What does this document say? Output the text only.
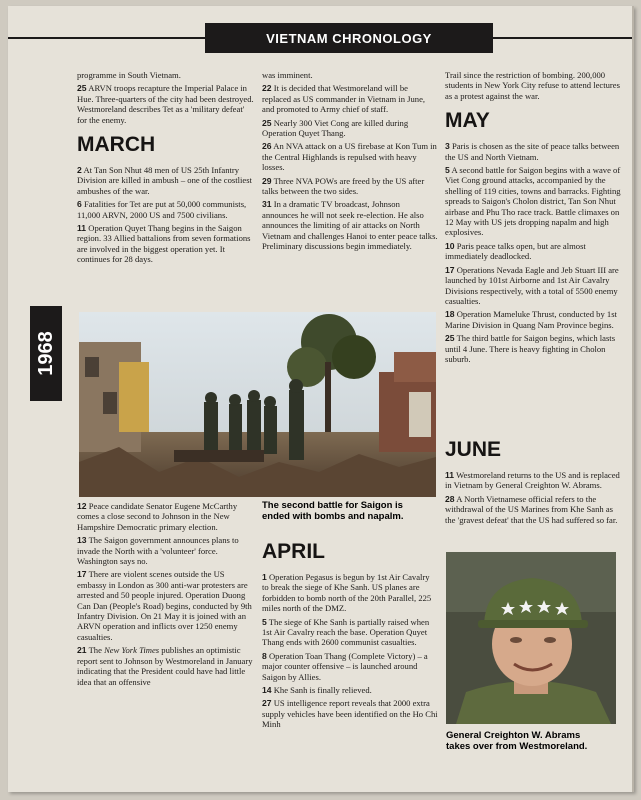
VIETNAM CHRONOLOGY
1968

programme in South Vietnam.

25 ARVN troops recapture the Imperial Palace in Hue. Three-quarters of the city had been destroyed. Westmoreland describes Tet as a 'military defeat' for the enemy.

MARCH

2 At Tan Son Nhut 48 men of US 25th Infantry Division are killed in ambush – one of the costliest ambushes of the war.

6 Fatalities for Tet are put at 50,000 communists, 11,000 ARVN, 2000 US and 7500 civilians.

11 Operation Quyet Thang begins in the Saigon region. 33 Allied battalions from seven formations are involved in the biggest operation yet. It continues for 28 days.

was imminent.

22 It is decided that Westmoreland will be replaced as US commander in Vietnam in June, and promoted to Army chief of staff.

25 Nearly 300 Viet Cong are killed during Operation Quyet Thang.

26 An NVA attack on a US firebase at Kon Tum in the Central Highlands is repulsed with heavy losses.

29 Three NVA POWs are freed by the US after talks between the two sides.

31 In a dramatic TV broadcast, Johnson announces he will not seek re-election. He also announces the limiting of air attacks on North Vietnam and challenges Hanoi to enter peace talks. Preliminary discussions begin immediately.

Trail since the restriction of bombing. 200,000 students in New York City refuse to attend lectures as a protest against the war.

MAY

3 Paris is chosen as the site of peace talks between the US and North Vietnam.

5 A second battle for Saigon begins with a wave of Viet Cong ground attacks, accompanied by the shelling of 119 cities, towns and barracks. Fighting spreads to Saigon's Cholon district, Tan Son Nhut airbase and Phu Tho race track. Battle climaxes on 12 May with US jets dropping napalm and high explosives.

10 Paris peace talks open, but are almost immediately deadlocked.

17 Operations Nevada Eagle and Jeb Stuart III are launched by 101st Airborne and 1st Air Cavalry Divisions respectively, with a total of 5500 enemy casualties.

18 Operation Mameluke Thrust, conducted by 1st Marine Division in Quang Nam Province begins.

25 The third battle for Saigon begins, which lasts until 4 June. There is heavy fighting in Cholon suburb.

The second battle for Saigon is
ended with bombs and napalm.

12 Peace candidate Senator Eugene McCarthy comes a close second to Johnson in the New Hampshire Democratic primary election.

13 The Saigon government announces plans to invade the North with a 'volunteer' force. Washington says no.

17 There are violent scenes outside the US embassy in London as 300 anti-war protesters are arrested and 50 people injured. Operation Duong Can Dan (People's Road) begins, conducted by 9th Infantry Division. On 21 May it is joined with an ARVN operation and inflicts over 1250 enemy casualties.

21 The New York Times publishes an optimistic report sent to Johnson by Westmoreland in January indicating that the President could have had little idea that an offensive

APRIL

1 Operation Pegasus is begun by 1st Air Cavalry to break the siege of Khe Sanh. US planes are forbidden to bomb north of the 20th Parallel, 225 miles north of the DMZ.

5 The siege of Khe Sanh is partially raised when 1st Air Cavalry reach the base. Operation Quyet Thang ends with 2600 communist casualties.

8 Operation Toan Thang (Complete Victory) – a major counter offensive – is launched around Saigon by Allies.

14 Khe Sanh is finally relieved.

27 US intelligence report reveals that 2000 extra supply vehicles have been identified on the Ho Chi Minh

JUNE

11 Westmoreland returns to the US and is replaced in Vietnam by General Creighton W. Abrams.

28 A North Vietnamese official refers to the withdrawal of the US Marines from Khe Sanh as the 'gravest defeat' that the US had suffered so far.

General Creighton W. Abrams
takes over from Westmoreland.
